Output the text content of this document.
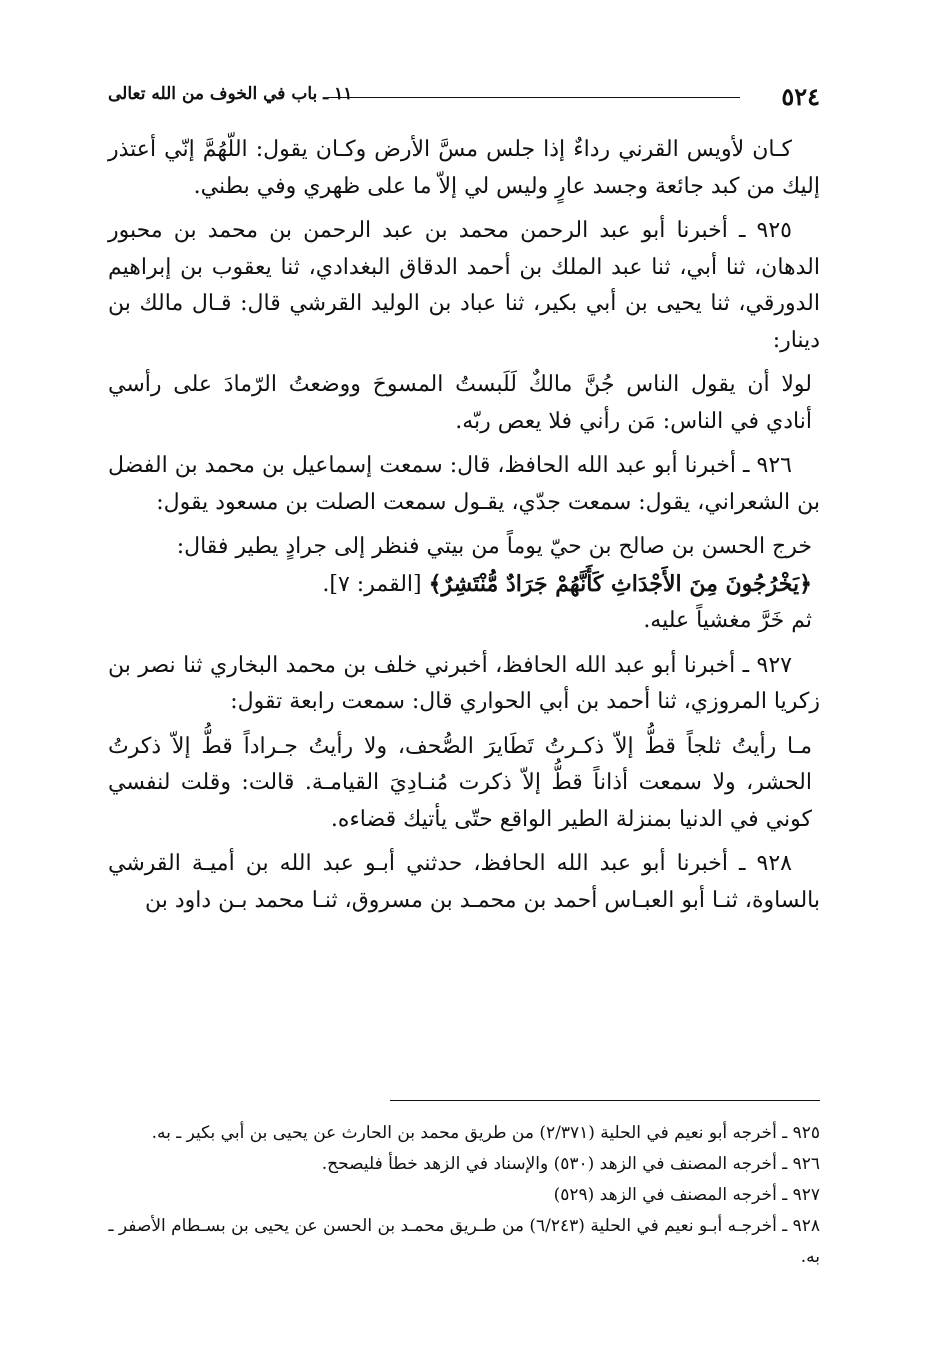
٥٢٤
١١ ـ باب في الخوف من الله تعالى

كـان لأويس القرني رداءٌ إذا جلس مسَّ الأرض وكـان يقول: اللّهُمَّ إنّي أعتذر إليك من كبد جائعة وجسد عارٍ وليس لي إلاّ ما على ظهري وفي بطني.

٩٢٥ ـ أخبرنا أبو عبد الرحمن محمد بن عبد الرحمن بن محمد بن محبور الدهان، ثنا أبي، ثنا عبد الملك بن أحمد الدقاق البغدادي، ثنا يعقوب بن إبراهيم الدورقي، ثنا يحيى بن أبي بكير، ثنا عباد بن الوليد القرشي قال: قـال مالك بن دينار:

لولا أن يقول الناس جُنَّ مالكٌ لَلَبستُ المسوحَ ووضعتُ الرّمادَ على رأسي أنادي في الناس: مَن رأني فلا يعص ربّه.

٩٢٦ ـ أخبرنا أبو عبد الله الحافظ، قال: سمعت إسماعيل بن محمد بن الفضل بن الشعراني، يقول: سمعت جدّي، يقـول سمعت الصلت بن مسعود يقول:

خرج الحسن بن صالح بن حيّ يوماً من بيتي فنظر إلى جرادٍ يطير فقال:
﴿يَخْرُجُونَ مِنَ الأَجْدَاثِ كَأَنَّهُمْ جَرَادٌ مُّنْتَشِرٌ﴾ [القمر: ٧].
ثم خَرَّ مغشياً عليه.

٩٢٧ ـ أخبرنا أبو عبد الله الحافظ، أخبرني خلف بن محمد البخاري ثنا نصر بن زكريا المروزي، ثنا أحمد بن أبي الحواري قال: سمعت رابعة تقول:

مـا رأيتُ ثلجاً قطُّ إلاّ ذكـرتُ تَطَايرَ الصُّحف، ولا رأيتُ جـراداً قطُّ إلاّ ذكرتُ الحشر، ولا سمعت أذاناً قطُّ إلاّ ذكرت مُنـادِيَ القيامـة. قالت: وقلت لنفسي كوني في الدنيا بمنزلة الطير الواقع حتّى يأتيك قضاءه.

٩٢٨ ـ أخبرنا أبو عبد الله الحافظ، حدثني أبـو عبد الله بن أميـة القرشي بالساوة، ثنـا أبو العبـاس أحمد بن محمـد بن مسروق، ثنـا محمد بـن داود بن

٩٢٥ ـ أخرجه أبو نعيم في الحلية (٢/٣٧١) من طريق محمد بن الحارث عن يحيى بن أبي بكير ـ به.

٩٢٦ ـ أخرجه المصنف في الزهد (٥٣٠) والإسناد في الزهد خطأ فليصحح.

٩٢٧ ـ أخرجه المصنف في الزهد (٥٢٩)

٩٢٨ ـ أخرجـه أبـو نعيم في الحلية (٦/٢٤٣) من طـريق محمـد بن الحسن عن يحيى بن بسـطام الأصفر ـ به.
